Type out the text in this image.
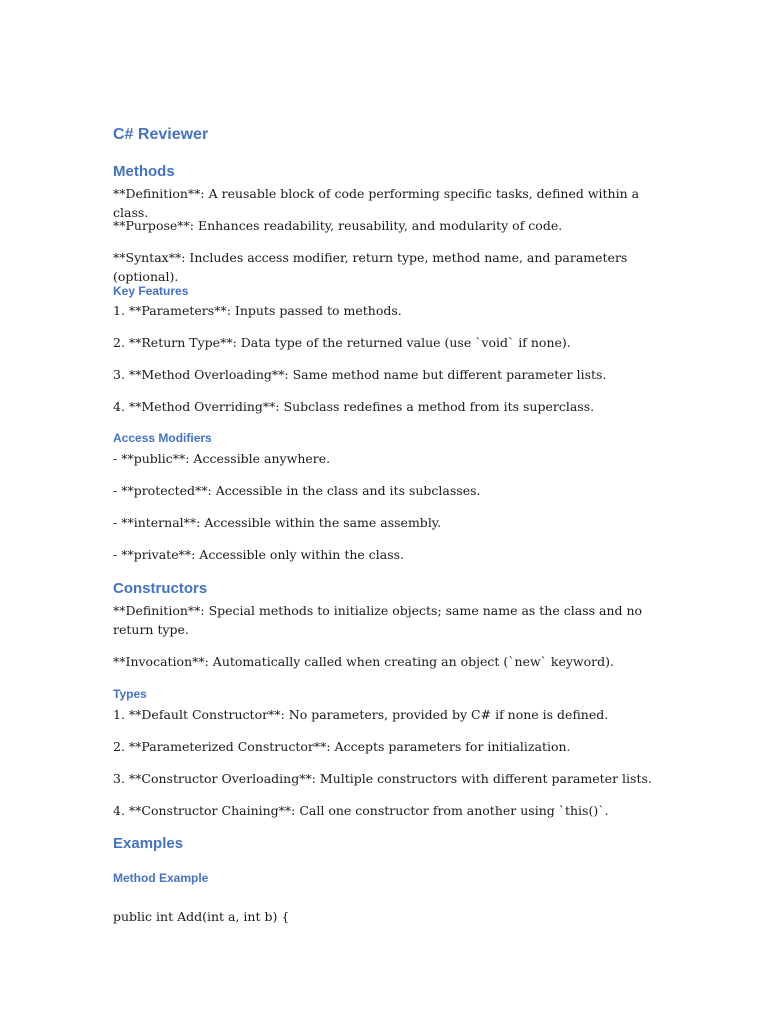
C# Reviewer
Methods
**Definition**: A reusable block of code performing specific tasks, defined within a class.
**Purpose**: Enhances readability, reusability, and modularity of code.
**Syntax**: Includes access modifier, return type, method name, and parameters (optional).
Key Features
1. **Parameters**: Inputs passed to methods.
2. **Return Type**: Data type of the returned value (use `void` if none).
3. **Method Overloading**: Same method name but different parameter lists.
4. **Method Overriding**: Subclass redefines a method from its superclass.
Access Modifiers
- **public**: Accessible anywhere.
- **protected**: Accessible in the class and its subclasses.
- **internal**: Accessible within the same assembly.
- **private**: Accessible only within the class.
Constructors
**Definition**: Special methods to initialize objects; same name as the class and no return type.
**Invocation**: Automatically called when creating an object (`new` keyword).
Types
1. **Default Constructor**: No parameters, provided by C# if none is defined.
2. **Parameterized Constructor**: Accepts parameters for initialization.
3. **Constructor Overloading**: Multiple constructors with different parameter lists.
4. **Constructor Chaining**: Call one constructor from another using `this()`.
Examples
Method Example
public int Add(int a, int b) {
